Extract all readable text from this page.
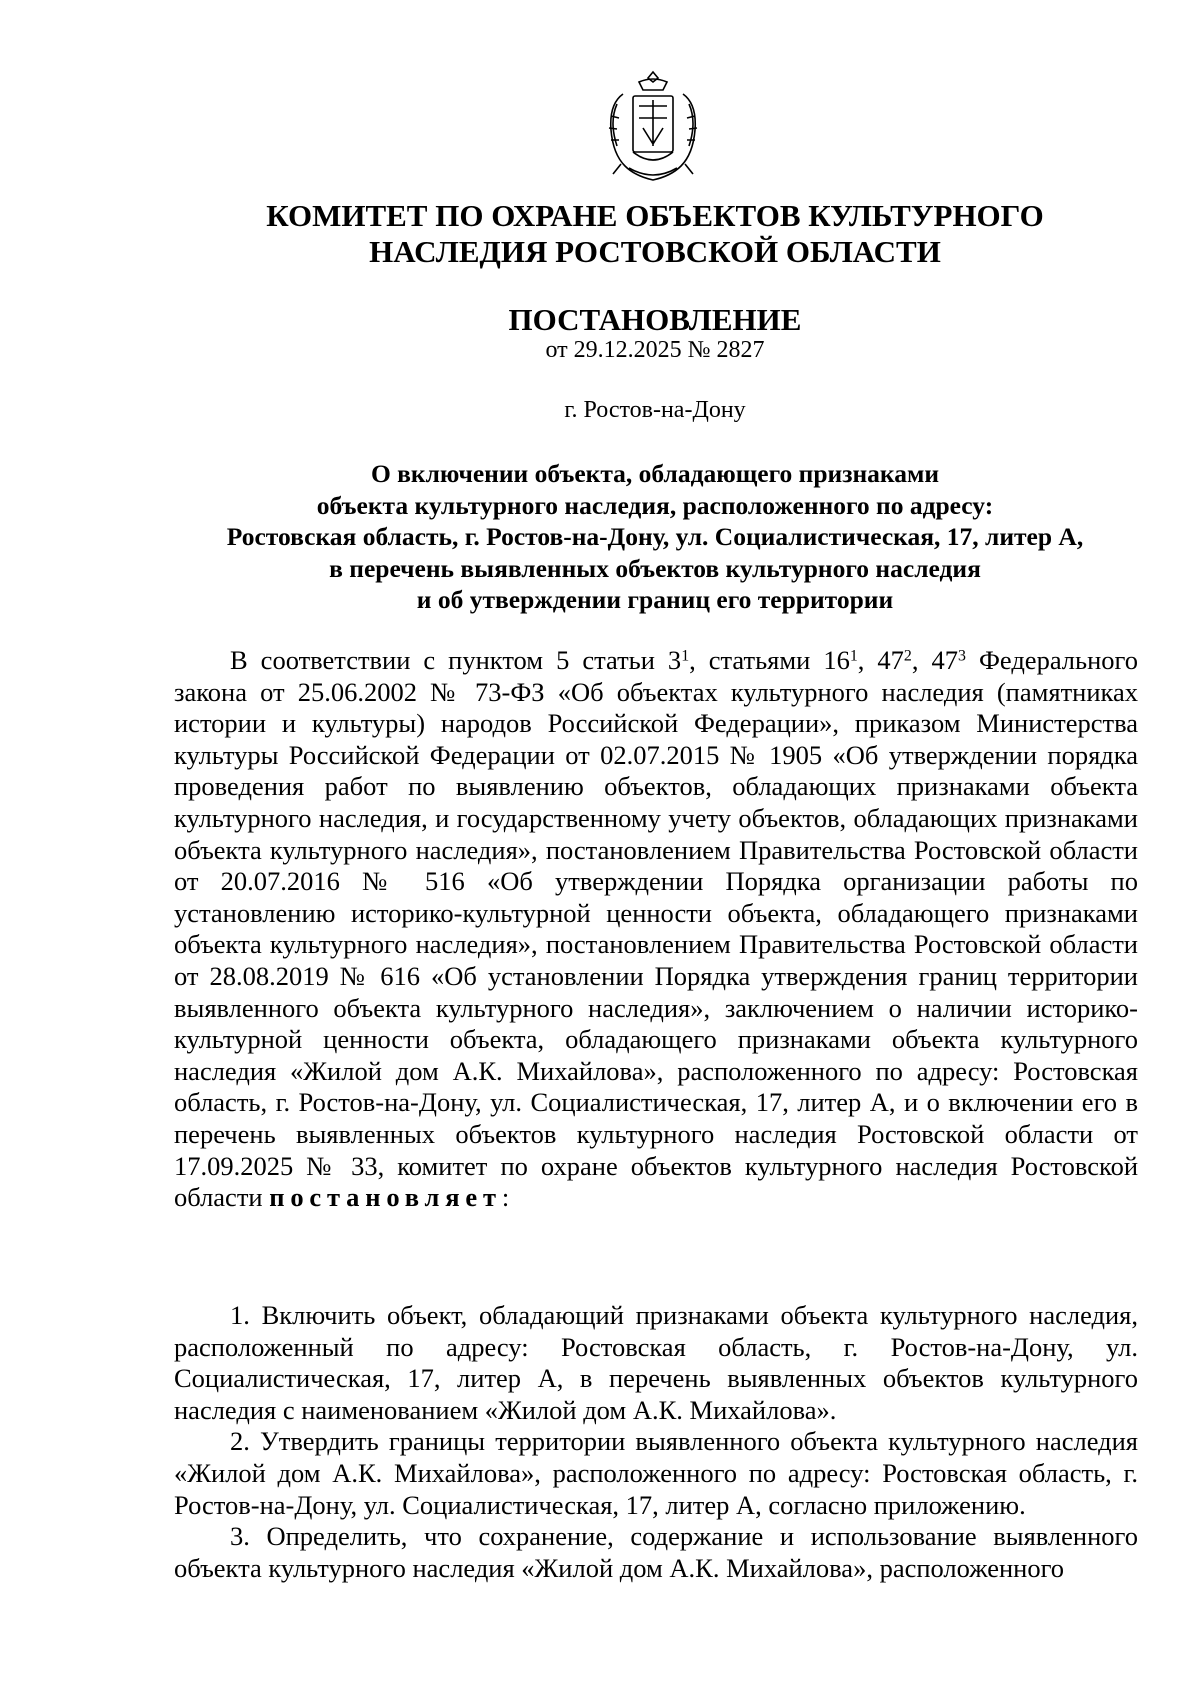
КОМИТЕТ ПО ОХРАНЕ ОБЪЕКТОВ КУЛЬТУРНОГО
НАСЛЕДИЯ РОСТОВСКОЙ ОБЛАСТИ
ПОСТАНОВЛЕНИЕ
от 29.12.2025 № 2827
г. Ростов-на-Дону
О включении объекта, обладающего признаками
объекта культурного наследия, расположенного по адресу:
Ростовская область, г. Ростов-на-Дону, ул. Социалистическая, 17, литер А,
в перечень выявленных объектов культурного наследия
и об утверждении границ его территории

В соответствии с пунктом 5 статьи $3^1$, статьями $16^1$, $47^2$, $47^3$ Федерального закона от 25.06.2002 № 73-ФЗ «Об объектах культурного наследия (памятниках истории и культуры) народов Российской Федерации», приказом Министерства культуры Российской Федерации от 02.07.2015 № 1905 «Об утверждении порядка проведения работ по выявлению объектов, обладающих признаками объекта культурного наследия, и государственному учету объектов, обладающих признаками объекта культурного наследия», постановлением Правительства Ростовской области от 20.07.2016 № 516 «Об утверждении Порядка организации работы по установлению историко-культурной ценности объекта, обладающего признаками объекта культурного наследия», постановлением Правительства Ростовской области от 28.08.2019 № 616 «Об установлении Порядка утверждения границ территории выявленного объекта культурного наследия», заключением о наличии историко-культурной ценности объекта, обладающего признаками объекта культурного наследия «Жилой дом А.К. Михайлова», расположенного по адресу: Ростовская область, г. Ростов-на-Дону, ул. Социалистическая, 17, литер А, и о включении его в перечень выявленных объектов культурного наследия Ростовской области от 17.09.2025 № 33, комитет по охране объектов культурного наследия Ростовской области постановляет:

1. Включить объект, обладающий признаками объекта культурного наследия, расположенный по адресу: Ростовская область, г. Ростов-на-Дону, ул. Социалистическая, 17, литер А, в перечень выявленных объектов культурного наследия с наименованием «Жилой дом А.К. Михайлова».

2. Утвердить границы территории выявленного объекта культурного наследия «Жилой дом А.К. Михайлова», расположенного по адресу: Ростовская область, г. Ростов-на-Дону, ул. Социалистическая, 17, литер А, согласно приложению.

3. Определить, что сохранение, содержание и использование выявленного объекта культурного наследия «Жилой дом А.К. Михайлова», расположенного
